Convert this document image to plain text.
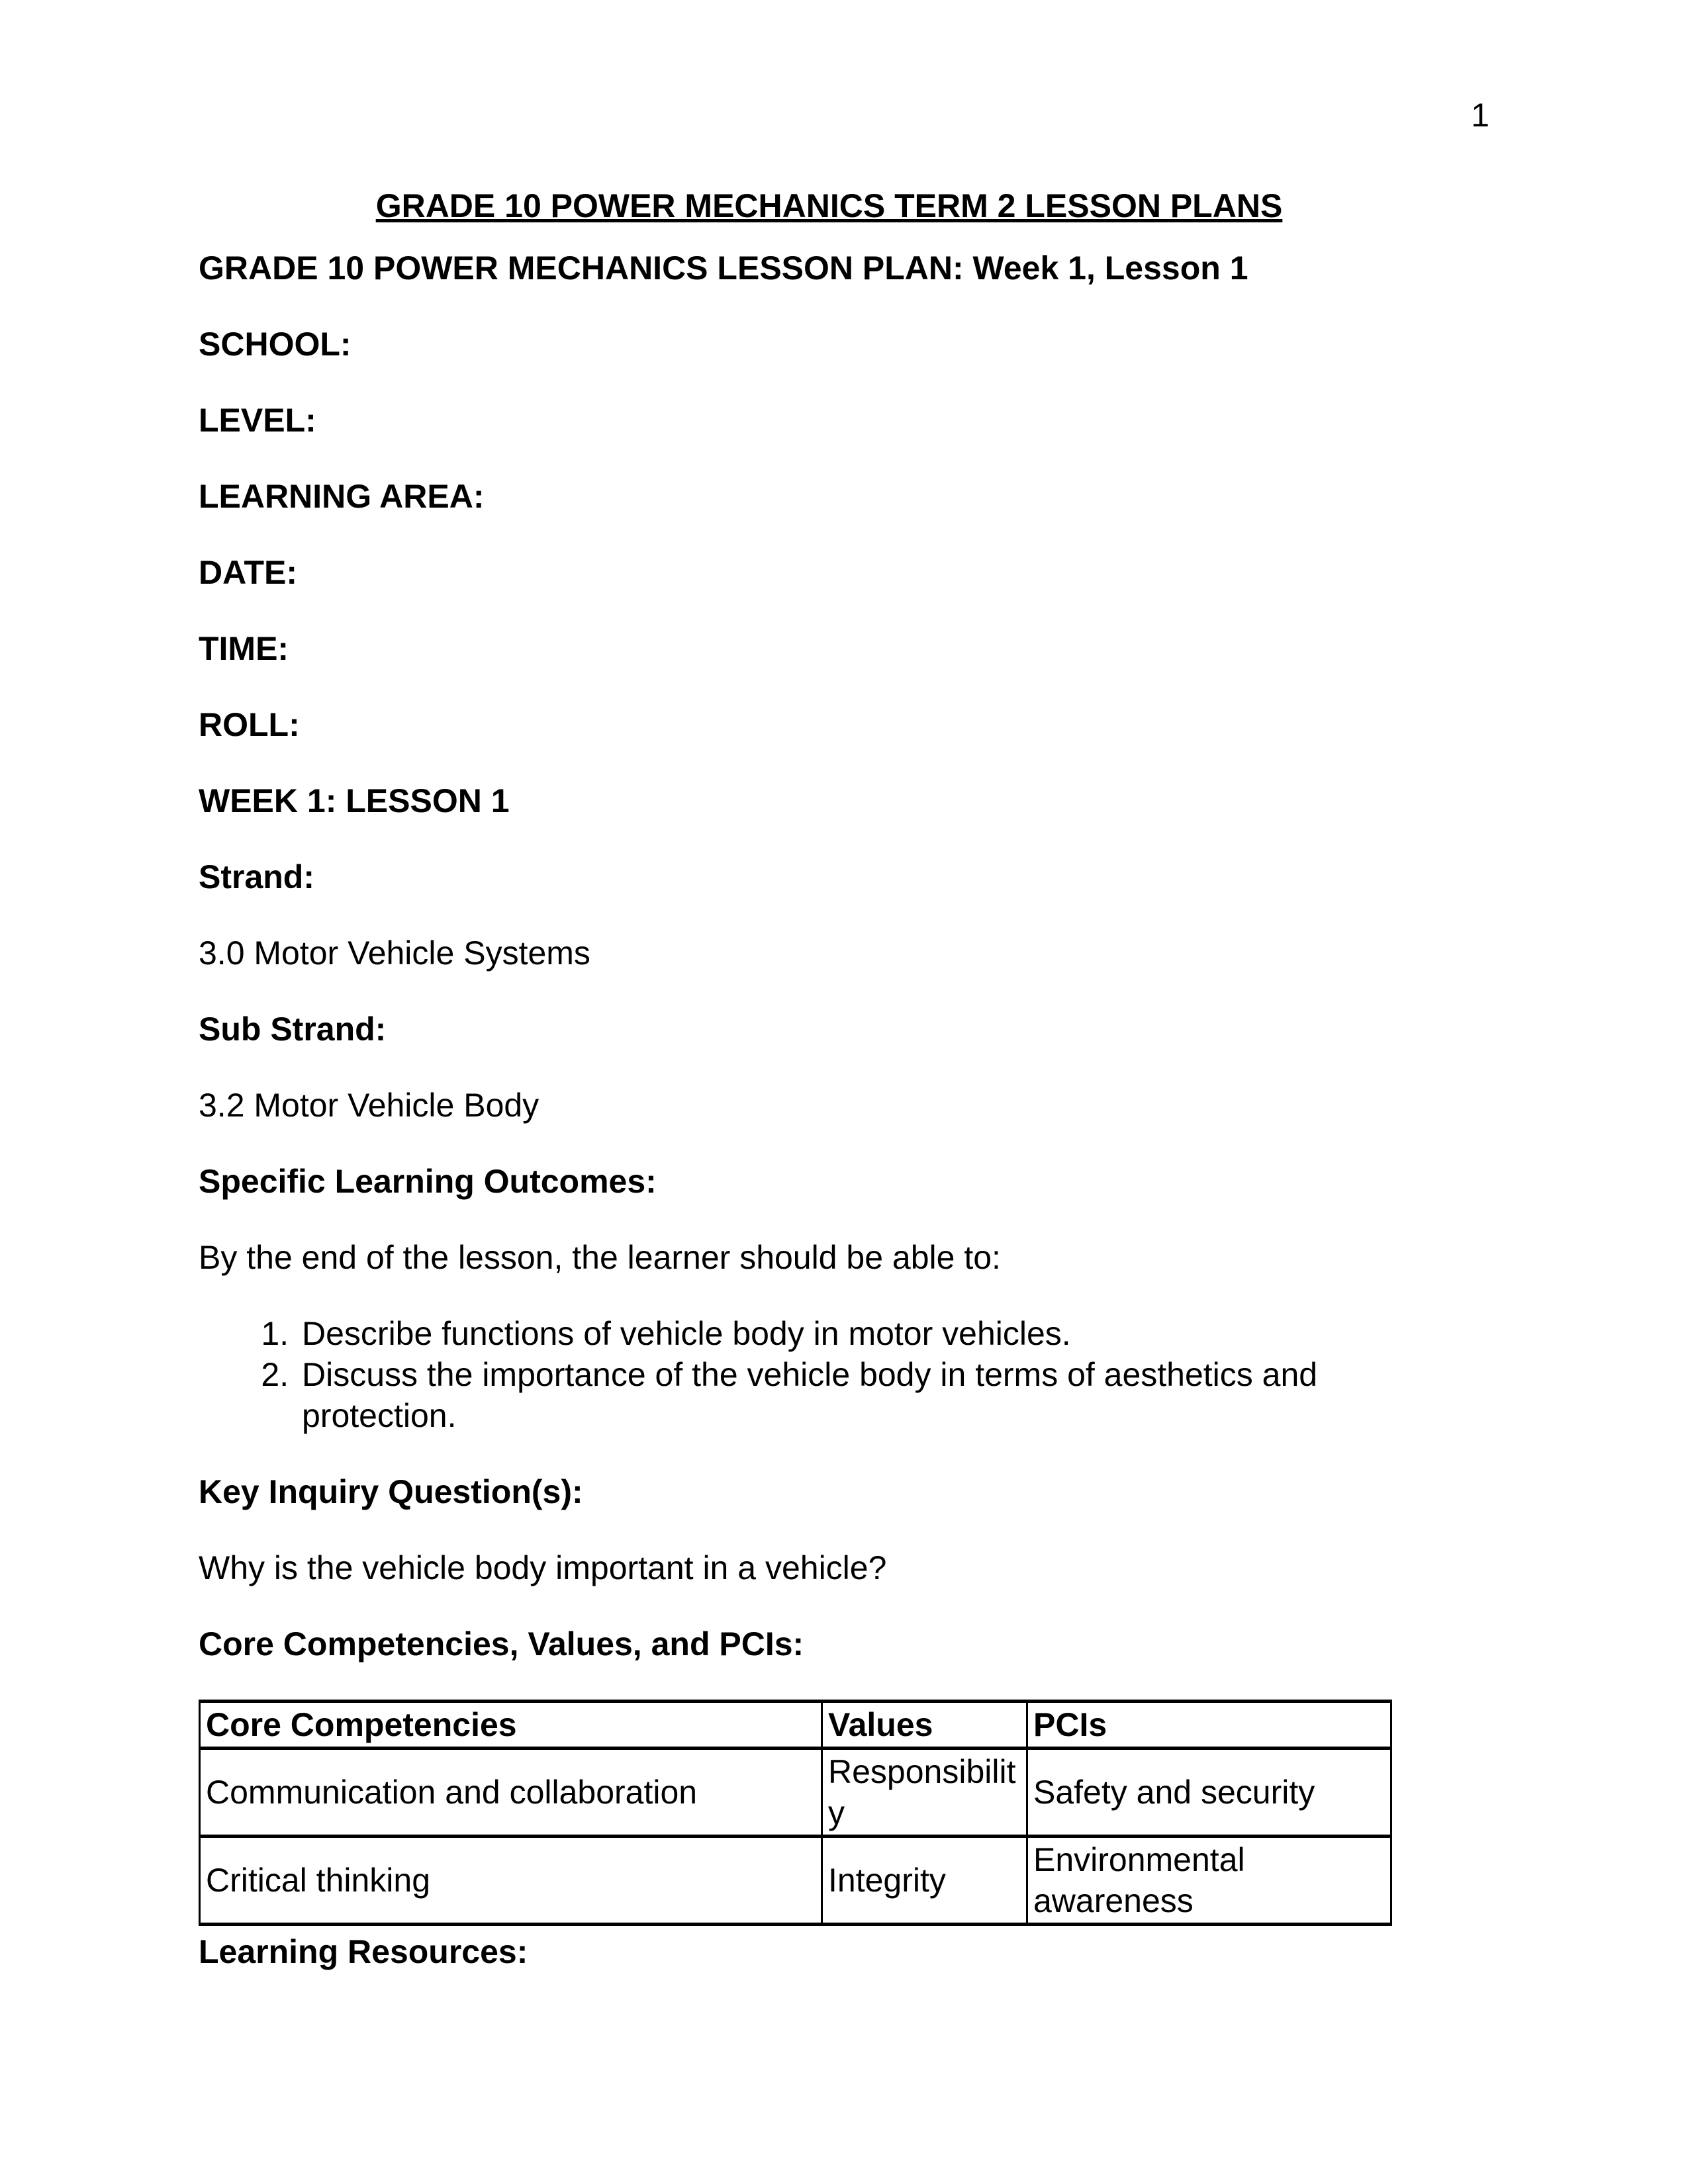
1
GRADE 10 POWER MECHANICS TERM 2 LESSON PLANS

GRADE 10 POWER MECHANICS LESSON PLAN: Week 1, Lesson 1

SCHOOL:

LEVEL:

LEARNING AREA:

DATE:

TIME:

ROLL:

WEEK 1: LESSON 1

Strand:

3.0 Motor Vehicle Systems

Sub Strand:

3.2 Motor Vehicle Body

Specific Learning Outcomes:

By the end of the lesson, the learner should be able to:

1. Describe functions of vehicle body in motor vehicles.
2. Discuss the importance of the vehicle body in terms of aesthetics and protection.

Key Inquiry Question(s):

Why is the vehicle body important in a vehicle?

Core Competencies, Values, and PCIs:

Core Competencies	Values	PCIs
Communication and collaboration	Responsibility	Safety and security
Critical thinking	Integrity	Environmental awareness

Learning Resources:
